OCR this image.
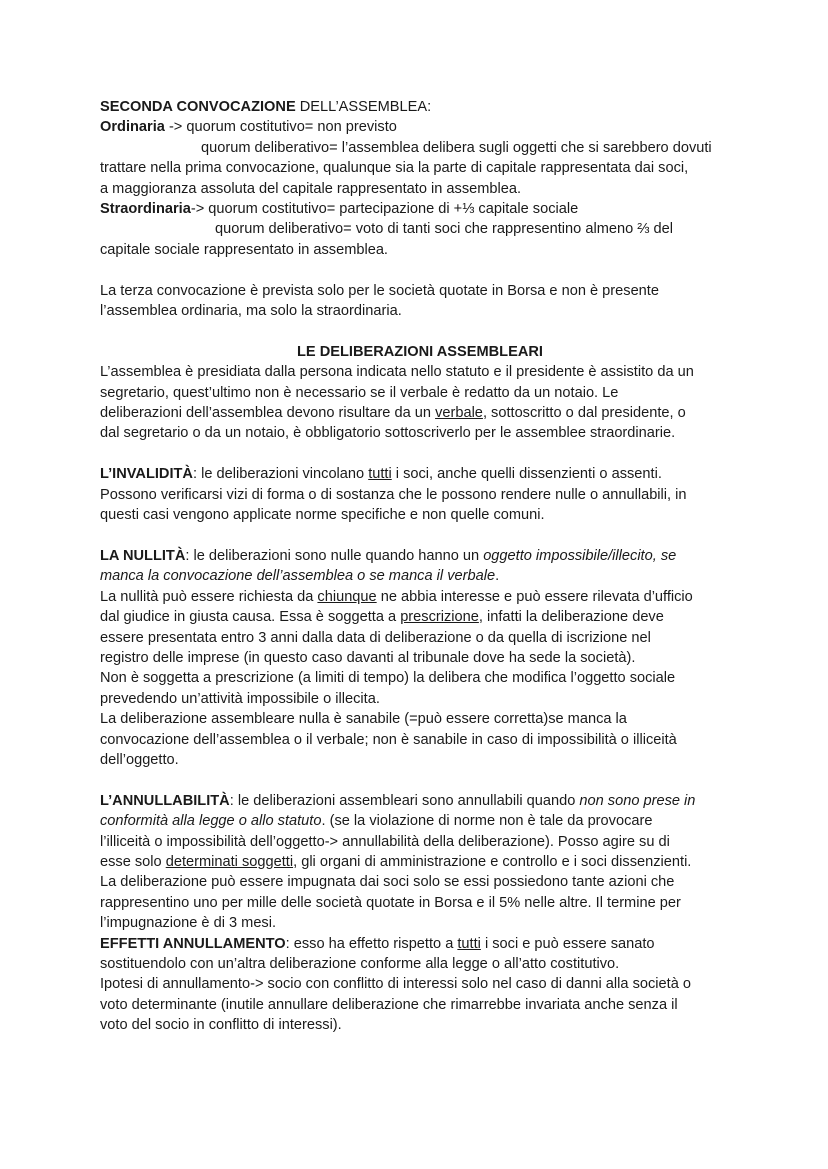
SECONDA CONVOCAZIONE DELL’ASSEMBLEA:

Ordinaria -> quorum costitutivo= non previsto

quorum deliberativo= l’assemblea delibera sugli oggetti che si sarebbero dovuti

trattare nella prima convocazione, qualunque sia la parte di capitale rappresentata dai soci,

a maggioranza assoluta del capitale rappresentato in assemblea.

Straordinaria-> quorum costitutivo= partecipazione di +⅓ capitale sociale

quorum deliberativo= voto di tanti soci che rappresentino almeno ⅔ del

capitale sociale rappresentato in assemblea.

La terza convocazione è prevista solo per le società quotate in Borsa e non è presente

l’assemblea ordinaria, ma solo la straordinaria.

LE DELIBERAZIONI ASSEMBLEARI

L’assemblea è presidiata dalla persona indicata nello statuto e il presidente è assistito da un

segretario, quest’ultimo non è necessario se il verbale è redatto da un notaio. Le

deliberazioni dell’assemblea devono risultare da un verbale, sottoscritto o dal presidente, o

dal segretario o da un notaio, è obbligatorio sottoscriverlo per le assemblee straordinarie.

L’INVALIDITÀ: le deliberazioni vincolano tutti i soci, anche quelli dissenzienti o assenti.

Possono verificarsi vizi di forma o di sostanza che le possono rendere nulle o annullabili, in

questi casi vengono applicate norme specifiche e non quelle comuni.

LA NULLITÀ: le deliberazioni sono nulle quando hanno un oggetto impossibile/illecito, se

manca la convocazione dell’assemblea o se manca il verbale.

La nullità può essere richiesta da chiunque ne abbia interesse e può essere rilevata d’ufficio

dal giudice in giusta causa. Essa è soggetta a prescrizione, infatti la deliberazione deve

essere presentata entro 3 anni dalla data di deliberazione o da quella di iscrizione nel

registro delle imprese (in questo caso davanti al tribunale dove ha sede la società).

Non è soggetta a prescrizione (a limiti di tempo) la delibera che modifica l’oggetto sociale

prevedendo un’attività impossibile o illecita.

La deliberazione assembleare nulla è sanabile (=può essere corretta)se manca la

convocazione dell’assemblea o il verbale; non è sanabile in caso di impossibilità o illiceità

dell’oggetto.

L’ANNULLABILITÀ: le deliberazioni assembleari sono annullabili quando non sono prese in

conformità alla legge o allo statuto. (se la violazione di norme non è tale da provocare

l’illiceità o impossibilità dell’oggetto-> annullabilità della deliberazione). Posso agire su di

esse solo determinati soggetti, gli organi di amministrazione e controllo e i soci dissenzienti.

La deliberazione può essere impugnata dai soci solo se essi possiedono tante azioni che

rappresentino uno per mille delle società quotate in Borsa e il 5% nelle altre. Il termine per

l’impugnazione è di 3 mesi.

EFFETTI ANNULLAMENTO: esso ha effetto rispetto a tutti i soci e può essere sanato

sostituendolo con un’altra deliberazione conforme alla legge o all’atto costitutivo.

Ipotesi di annullamento-> socio con conflitto di interessi solo nel caso di danni alla società o

voto determinante (inutile annullare deliberazione che rimarrebbe invariata anche senza il

voto del socio in conflitto di interessi).
